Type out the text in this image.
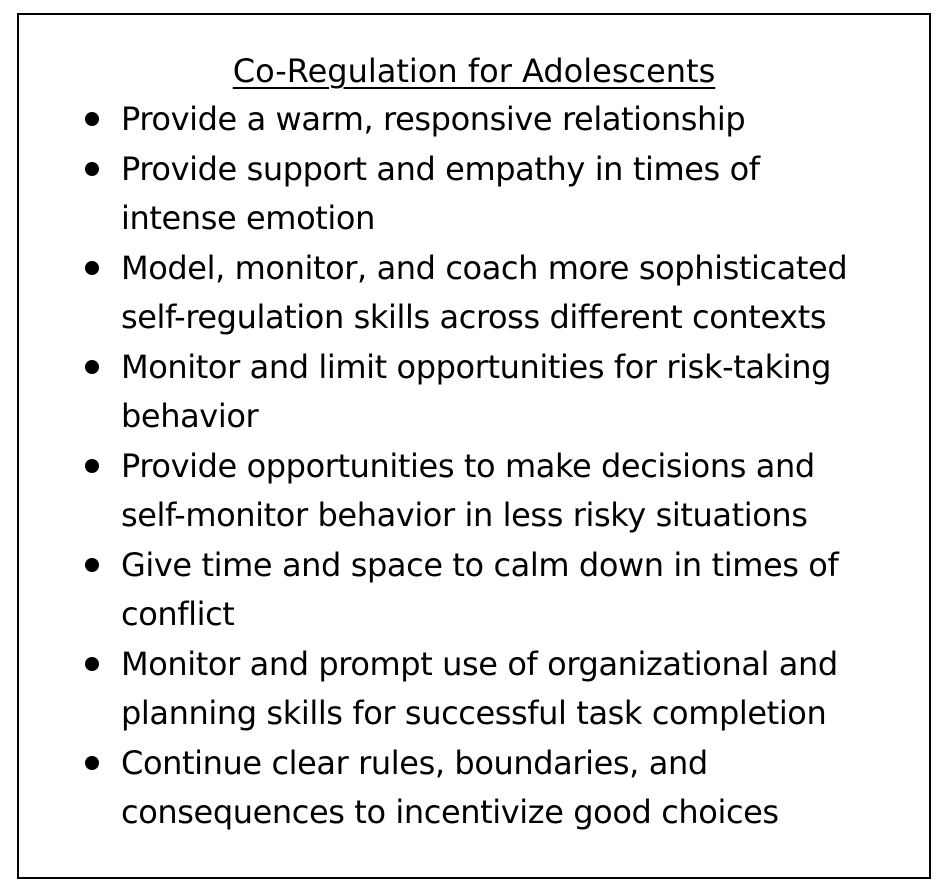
Co-Regulation for Adolescents
Provide a warm, responsive relationship
Provide support and empathy in times of
intense emotion
Model, monitor, and coach more sophisticated
self-regulation skills across different contexts
Monitor and limit opportunities for risk-taking
behavior
Provide opportunities to make decisions and
self-monitor behavior in less risky situations
Give time and space to calm down in times of
conflict
Monitor and prompt use of organizational and
planning skills for successful task completion
Continue clear rules, boundaries, and
consequences to incentivize good choices
